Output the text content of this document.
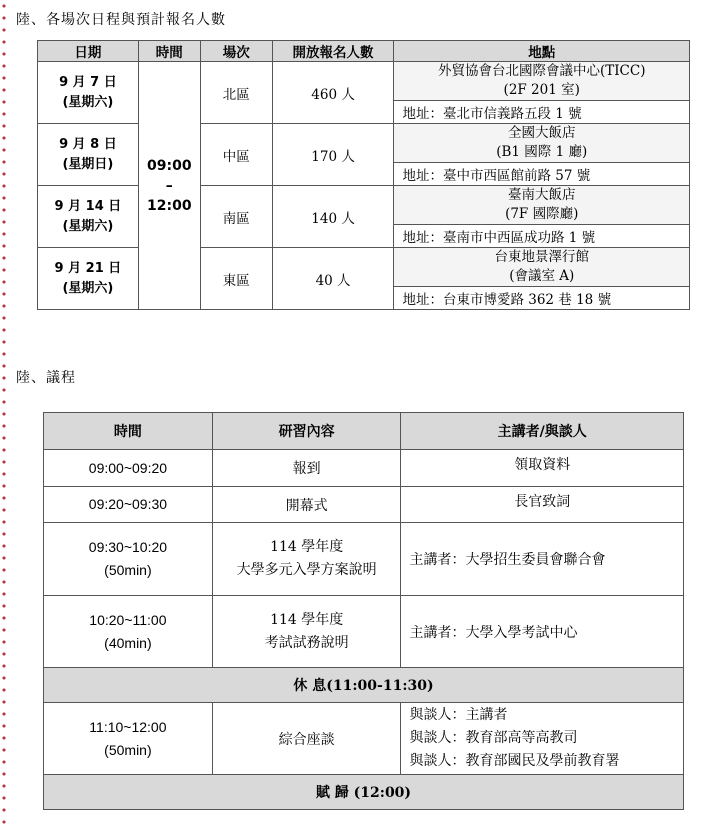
陸、各場次日程與預計報名人數
日期	時間	場次	開放報名人數	地點

9 月 7 日
(星期六)	09:00
–
12:00	北區	460 人	外貿協會台北國際會議中心(TICC)
(2F 201 室)

				地址：臺北市信義路五段 1 號

9 月 8 日
(星期日)		中區	170 人	全國大飯店
(B1 國際 1 廳)

				地址：臺中市西區館前路 57 號

9 月 14 日
(星期六)		南區	140 人	臺南大飯店
(7F 國際廳)

				地址：臺南市中西區成功路 1 號

9 月 21 日
(星期六)		東區	40 人	台東地景澤行館
(會議室 A)

				地址：台東市博愛路 362 巷 18 號
陸、議程
時間	研習內容	主講者/與談人
09:00~09:20	報到	領取資料
09:20~09:30	開幕式	長官致詞

09:30~10:20
(50min)	114 學年度
大學多元入學方案說明	主講者：大學招生委員會聯合會

10:20~11:00
(40min)	114 學年度
考試試務說明	主講者：大學入學考試中心
休 息(11:00-11:30)		

11:10~12:00
(50min)	綜合座談	與談人：主講者
與談人：教育部高等高教司
與談人：教育部國民及學前教育署

賦 歸 (12:00)		
